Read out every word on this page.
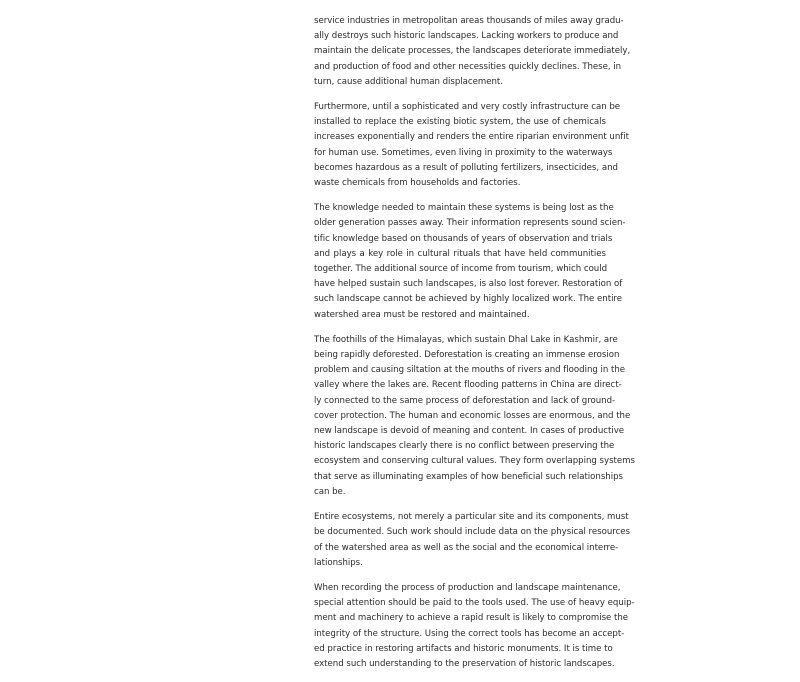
service industries in metropolitan areas thousands of miles away gradu-
ally destroys such historic landscapes. Lacking workers to produce and
maintain the delicate processes, the landscapes deteriorate immediately,
and production of food and other necessities quickly declines. These, in
turn, cause additional human displacement.

Furthermore, until a sophisticated and very costly infrastructure can be
installed to replace the existing biotic system, the use of chemicals
increases exponentially and renders the entire riparian environment unfit
for human use. Sometimes, even living in proximity to the waterways
becomes hazardous as a result of polluting fertilizers, insecticides, and
waste chemicals from households and factories.

The knowledge needed to maintain these systems is being lost as the
older generation passes away. Their information represents sound scien-
tific knowledge based on thousands of years of observation and trials
and plays a key role in cultural rituals that have held communities
together. The additional source of income from tourism, which could
have helped sustain such landscapes, is also lost forever. Restoration of
such landscape cannot be achieved by highly localized work. The entire
watershed area must be restored and maintained.

The foothills of the Himalayas, which sustain Dhal Lake in Kashmir, are
being rapidly deforested. Deforestation is creating an immense erosion
problem and causing siltation at the mouths of rivers and flooding in the
valley where the lakes are. Recent flooding patterns in China are direct-
ly connected to the same process of deforestation and lack of ground-
cover protection. The human and economic losses are enormous, and the
new landscape is devoid of meaning and content. In cases of productive
historic landscapes clearly there is no conflict between preserving the
ecosystem and conserving cultural values. They form overlapping systems
that serve as illuminating examples of how beneficial such relationships
can be.

Entire ecosystems, not merely a particular site and its components, must
be documented. Such work should include data on the physical resources
of the watershed area as well as the social and the economical interre-
lationships.

When recording the process of production and landscape maintenance,
special attention should be paid to the tools used. The use of heavy equip-
ment and machinery to achieve a rapid result is likely to compromise the
integrity of the structure. Using the correct tools has become an accept-
ed practice in restoring artifacts and historic monuments. It is time to
extend such understanding to the preservation of historic landscapes.
